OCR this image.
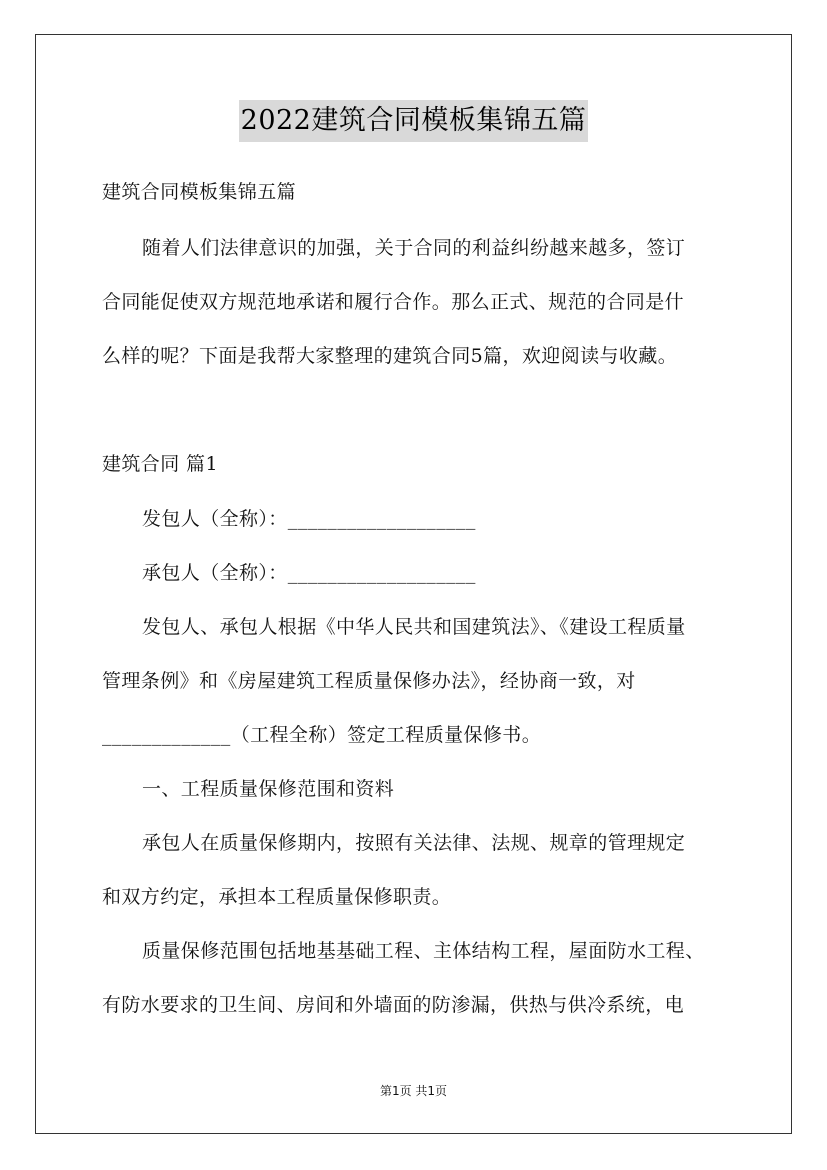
2022建筑合同模板集锦五篇
建筑合同模板集锦五篇
随着人们法律意识的加强，关于合同的利益纠纷越来越多，签订
合同能促使双方规范地承诺和履行合作。那么正式、规范的合同是什
么样的呢？下面是我帮大家整理的建筑合同5篇，欢迎阅读与收藏。
建筑合同 篇1
发包人（全称）：___________________
承包人（全称）：___________________
发包人、承包人根据《中华人民共和国建筑法》、《建设工程质量
管理条例》和《房屋建筑工程质量保修办法》，经协商一致，对
_____________（工程全称）签定工程质量保修书。
一、工程质量保修范围和资料
承包人在质量保修期内，按照有关法律、法规、规章的管理规定
和双方约定，承担本工程质量保修职责。
质量保修范围包括地基基础工程、主体结构工程，屋面防水工程、
有防水要求的卫生间、房间和外墙面的防渗漏，供热与供冷系统，电
第1页 共1页
